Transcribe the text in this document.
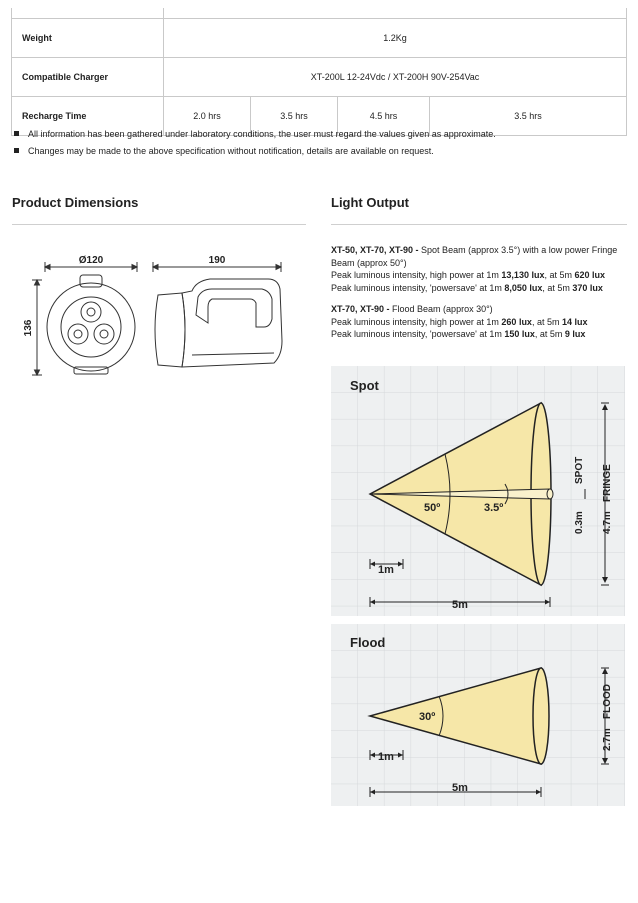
Weight	1.2Kg			
Compatible Charger	XT-200L 12-24Vdc / XT-200H 90V-254Vac			
Recharge Time	2.0 hrs	3.5 hrs	4.5 hrs	3.5 hrs
All information has been gathered under laboratory conditions, the user must regard the values given as approximate.
Changes may be made to the above specification without notification, details are available on request.
Product Dimensions	Light Output
Ø120	190
136

XT-50, XT-70, XT-90 - Spot Beam (approx 3.5°) with a low power Fringe Beam (approx 50°)

Peak luminous intensity, high power at 1m 13,130 lux, at 5m 620 lux

Peak luminous intensity, 'powersave' at 1m 8,050 lux, at 5m 370 lux

XT-70, XT-90 - Flood Beam (approx 30°)

Peak luminous intensity, high power at 1m 260 lux, at 5m 14 lux

Peak luminous intensity, 'powersave' at 1m 150 lux, at 5m 9 lux

Spot
50º	3.5º
1m
5m
0.3m
SPOT
4.7m
FRINGE
Flood
30º
1m
5m
2.7m
FLOOD
